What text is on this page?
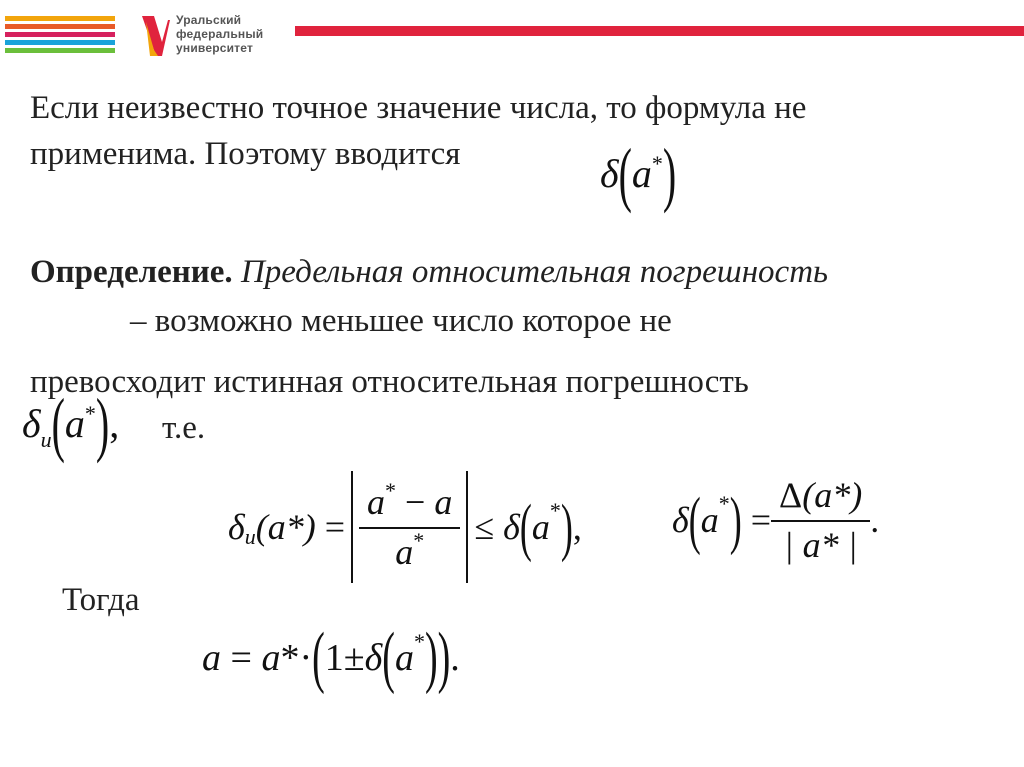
Уральский
федеральный
университет
Если неизвестно точное значение числа, то формула не
применима. Поэтому вводится	δ(a*)
Определение. Предельная относительная погрешность
– возможно меньшее число которое не
превосходит истинная относительная погрешность
$\delta_и(a^*)$, т.е.
δ и (a*)
= $\frac{a^* - a}{a^*}$ ≤
δ ( a * ) ,	δ ( a * )
= $\frac{\Delta(a*)}{| a* |}$ .
Тогда
a
=
a * · ( 1 ± δ ( a * ) ) .
